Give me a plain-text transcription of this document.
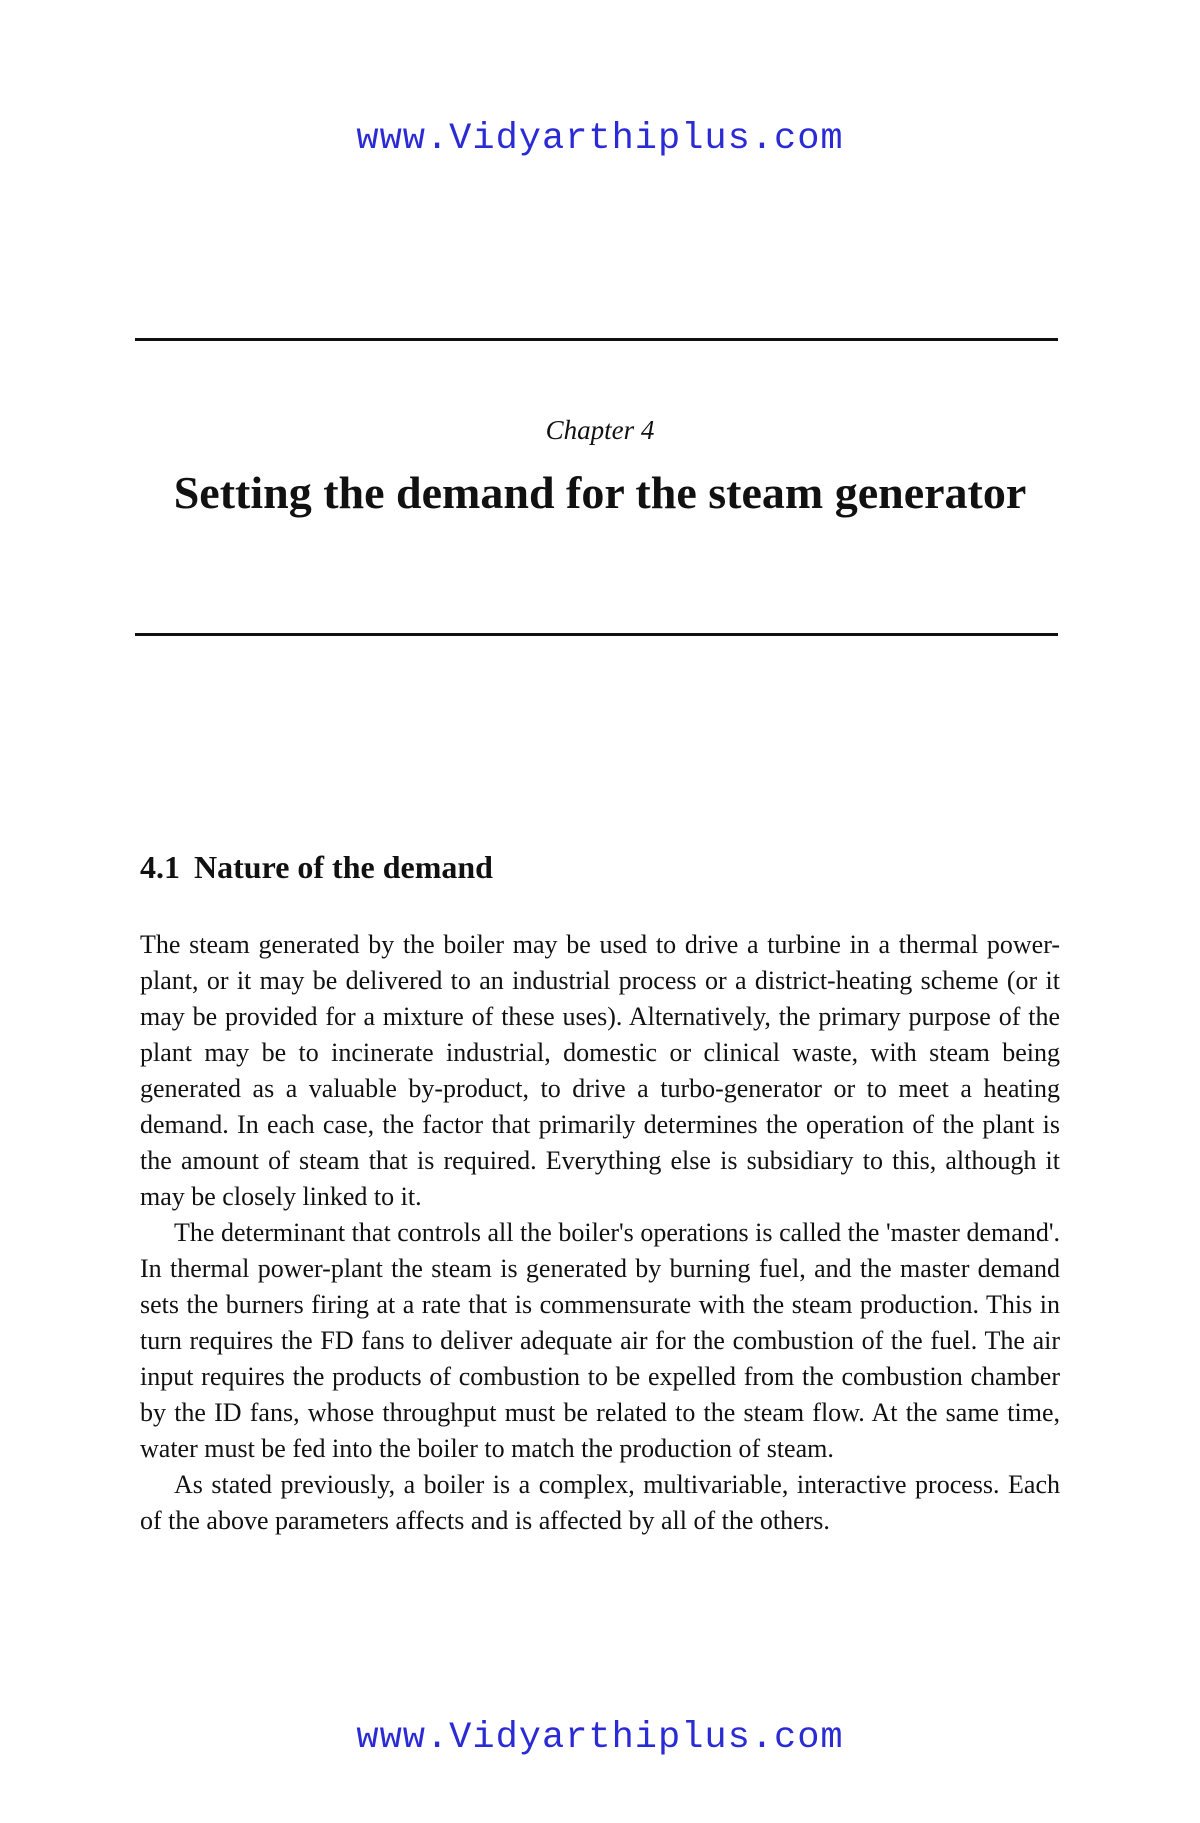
www.Vidyarthiplus.com
Chapter 4
Setting the demand for the steam generator
4.1 Nature of the demand

The steam generated by the boiler may be used to drive a turbine in a thermal power-plant, or it may be delivered to an industrial process or a district-heating scheme (or it may be provided for a mixture of these uses). Alternatively, the primary purpose of the plant may be to incinerate industrial, domestic or clinical waste, with steam being generated as a valuable by-product, to drive a turbo-generator or to meet a heating demand. In each case, the factor that primarily determines the operation of the plant is the amount of steam that is required. Everything else is subsidiary to this, although it may be closely linked to it.

The determinant that controls all the boiler's operations is called the 'master demand'. In thermal power-plant the steam is generated by burning fuel, and the master demand sets the burners firing at a rate that is commensurate with the steam production. This in turn requires the FD fans to deliver adequate air for the combustion of the fuel. The air input requires the products of combustion to be expelled from the combustion chamber by the ID fans, whose throughput must be related to the steam flow. At the same time, water must be fed into the boiler to match the production of steam.

As stated previously, a boiler is a complex, multivariable, interactive process. Each of the above parameters affects and is affected by all of the others.

www.Vidyarthiplus.com
